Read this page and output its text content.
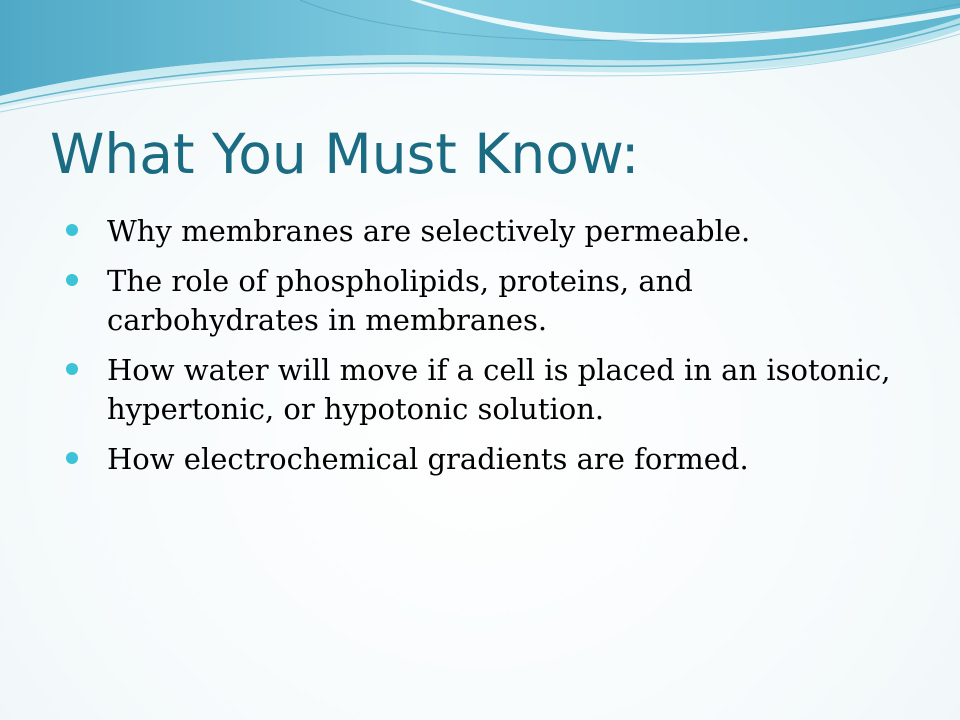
What You Must Know:
Why membranes are selectively permeable.
The role of phospholipids, proteins, and carbohydrates in membranes.
How water will move if a cell is placed in an isotonic, hypertonic, or hypotonic solution.
How electrochemical gradients are formed.
